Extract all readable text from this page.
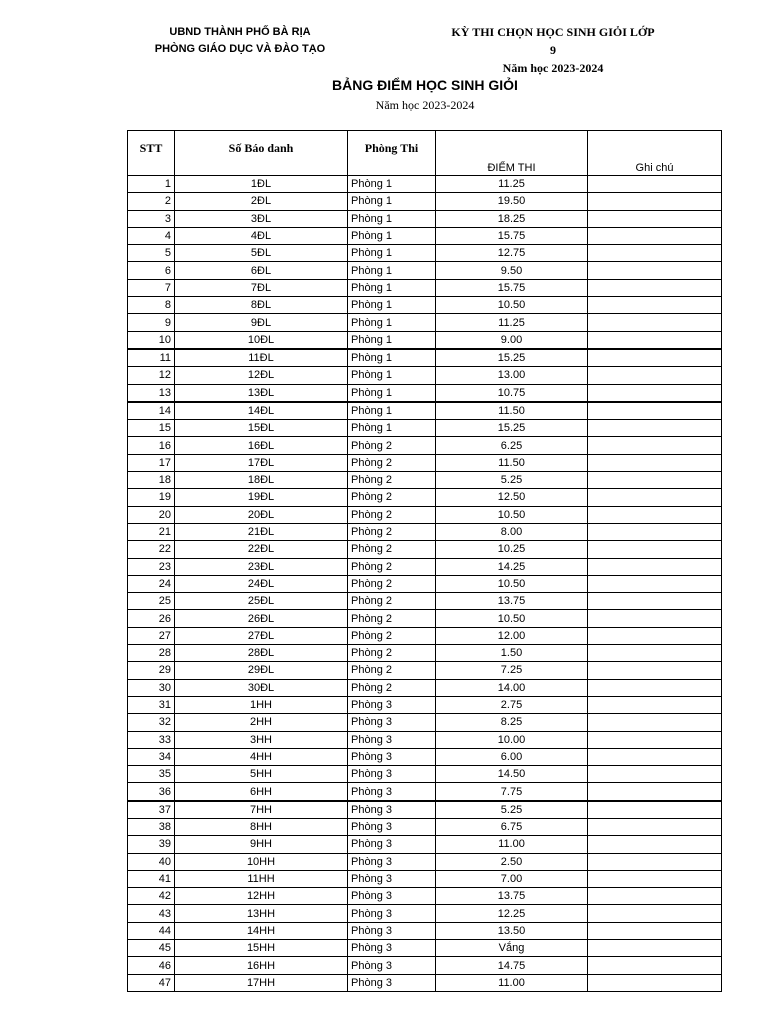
UBND THÀNH PHỐ BÀ RỊA
PHÒNG GIÁO DỤC VÀ ĐÀO TẠO
KỲ THI CHỌN HỌC SINH GIỎI LỚP 9
Năm học 2023-2024
BẢNG ĐIỂM HỌC SINH GIỎI
Năm học 2023-2024
STT	Số Báo danh	Phòng Thi	ĐIỂM THI	Ghi chú
1	1ĐL	Phòng 1	11.25	
2	2ĐL	Phòng 1	19.50	
3	3ĐL	Phòng 1	18.25	
4	4ĐL	Phòng 1	15.75	
5	5ĐL	Phòng 1	12.75	
6	6ĐL	Phòng 1	9.50	
7	7ĐL	Phòng 1	15.75	
8	8ĐL	Phòng 1	10.50	
9	9ĐL	Phòng 1	11.25	
10	10ĐL	Phòng 1	9.00	
11	11ĐL	Phòng 1	15.25	
12	12ĐL	Phòng 1	13.00	
13	13ĐL	Phòng 1	10.75	
14	14ĐL	Phòng 1	11.50	
15	15ĐL	Phòng 1	15.25	
16	16ĐL	Phòng 2	6.25	
17	17ĐL	Phòng 2	11.50	
18	18ĐL	Phòng 2	5.25	
19	19ĐL	Phòng 2	12.50	
20	20ĐL	Phòng 2	10.50	
21	21ĐL	Phòng 2	8.00	
22	22ĐL	Phòng 2	10.25	
23	23ĐL	Phòng 2	14.25	
24	24ĐL	Phòng 2	10.50	
25	25ĐL	Phòng 2	13.75	
26	26ĐL	Phòng 2	10.50	
27	27ĐL	Phòng 2	12.00	
28	28ĐL	Phòng 2	1.50	
29	29ĐL	Phòng 2	7.25	
30	30ĐL	Phòng 2	14.00	
31	1HH	Phòng 3	2.75	
32	2HH	Phòng 3	8.25	
33	3HH	Phòng 3	10.00	
34	4HH	Phòng 3	6.00	
35	5HH	Phòng 3	14.50	
36	6HH	Phòng 3	7.75	
37	7HH	Phòng 3	5.25	
38	8HH	Phòng 3	6.75	
39	9HH	Phòng 3	11.00	
40	10HH	Phòng 3	2.50	
41	11HH	Phòng 3	7.00	
42	12HH	Phòng 3	13.75	
43	13HH	Phòng 3	12.25	
44	14HH	Phòng 3	13.50	
45	15HH	Phòng 3	Vắng	
46	16HH	Phòng 3	14.75	
47	17HH	Phòng 3	11.00	
